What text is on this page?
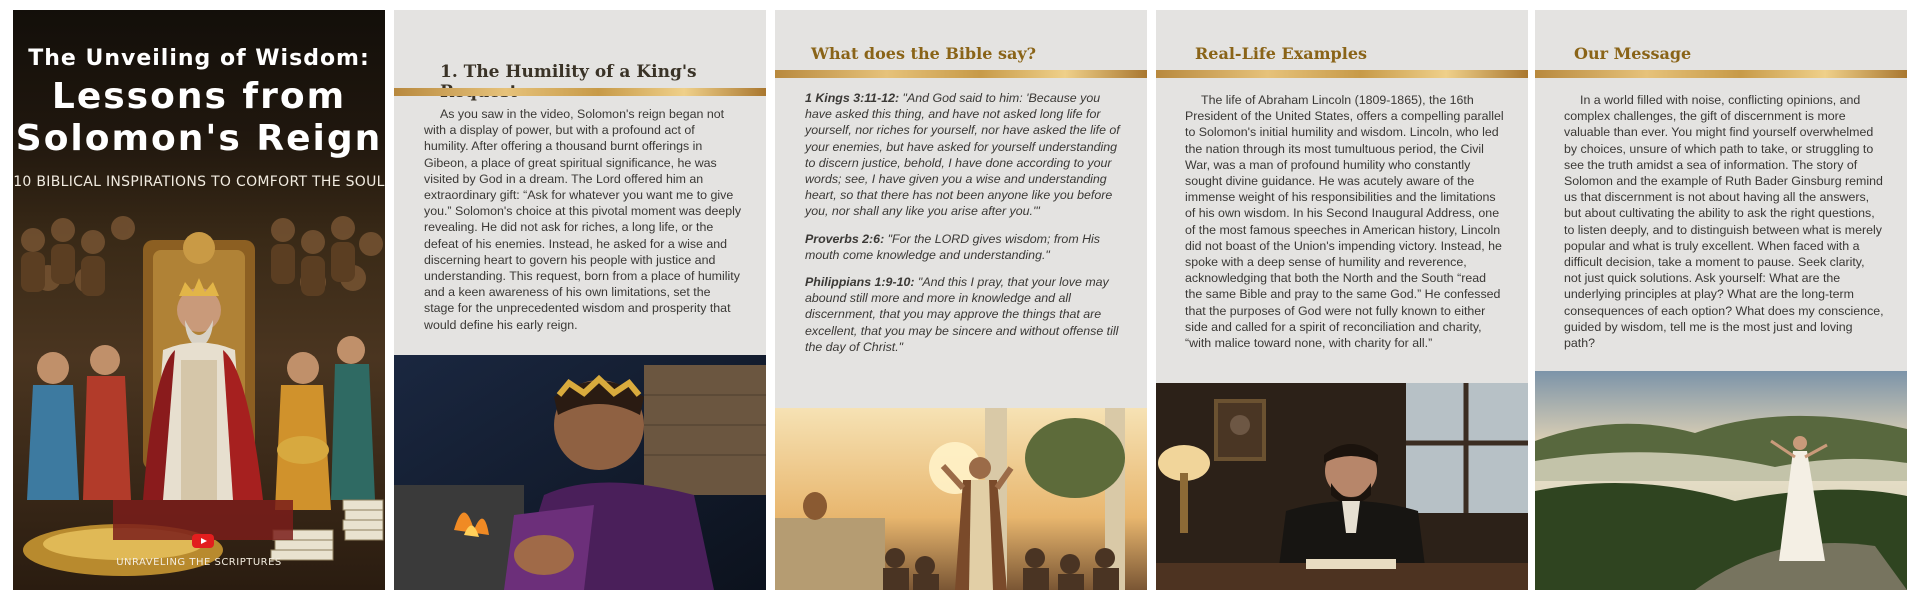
The Unveiling of Wisdom:
Lessons from
Solomon's Reign
10 BIBLICAL INSPIRATIONS TO COMFORT THE SOUL
UNRAVELING THE SCRIPTURES
1. The Humility of a King's

As you saw in the video, Solomon's reign began not with a display of power, but with a profound act of humility. After offering a thousand burnt offerings in Gibeon, a place of great spiritual significance, he was visited by God in a dream. The Lord offered him an extraordinary gift: “Ask for whatever you want me to give you.” Solomon's choice at this pivotal moment was deeply revealing. He did not ask for riches, a long life, or the defeat of his enemies. Instead, he asked for a wise and discerning heart to govern his people with justice and understanding. This request, born from a place of humility and a keen awareness of his own limitations, set the stage for the unprecedented wisdom and prosperity that would define his early reign.

What does the Bible say?
1 Kings 3:11-12: "And God said to him: 'Because you have asked this thing, and have not asked long life for yourself, nor riches for yourself, nor have asked the life of your enemies, but have asked for yourself understanding to discern justice, behold, I have done according to your words; see, I have given you a wise and understanding heart, so that there has not been anyone like you before you, nor shall any like you arise after you.'"
Proverbs 2:6: "For the LORD gives wisdom; from His mouth come knowledge and understanding."
Philippians 1:9-10: "And this I pray, that your love may abound still more and more in knowledge and all discernment, that you may approve the things that are excellent, that you may be sincere and without offense till the day of Christ."
Real-Life Examples

The life of Abraham Lincoln (1809-1865), the 16th President of the United States, offers a compelling parallel to Solomon's initial humility and wisdom. Lincoln, who led the nation through its most tumultuous period, the Civil War, was a man of profound humility who constantly sought divine guidance. He was acutely aware of the immense weight of his responsibilities and the limitations of his own wisdom. In his Second Inaugural Address, one of the most famous speeches in American history, Lincoln did not boast of the Union's impending victory. Instead, he spoke with a deep sense of humility and reverence, acknowledging that both the North and the South “read the same Bible and pray to the same God.” He confessed that the purposes of God were not fully known to either side and called for a spirit of reconciliation and charity, “with malice toward none, with charity for all.”

Our Message

In a world filled with noise, conflicting opinions, and complex challenges, the gift of discernment is more valuable than ever. You might find yourself overwhelmed by choices, unsure of which path to take, or struggling to see the truth amidst a sea of information. The story of Solomon and the example of Ruth Bader Ginsburg remind us that discernment is not about having all the answers, but about cultivating the ability to ask the right questions, to listen deeply, and to distinguish between what is merely popular and what is truly excellent. When faced with a difficult decision, take a moment to pause. Seek clarity, not just quick solutions. Ask yourself: What are the underlying principles at play? What are the long-term consequences of each option? What does my conscience, guided by wisdom, tell me is the most just and loving path?
